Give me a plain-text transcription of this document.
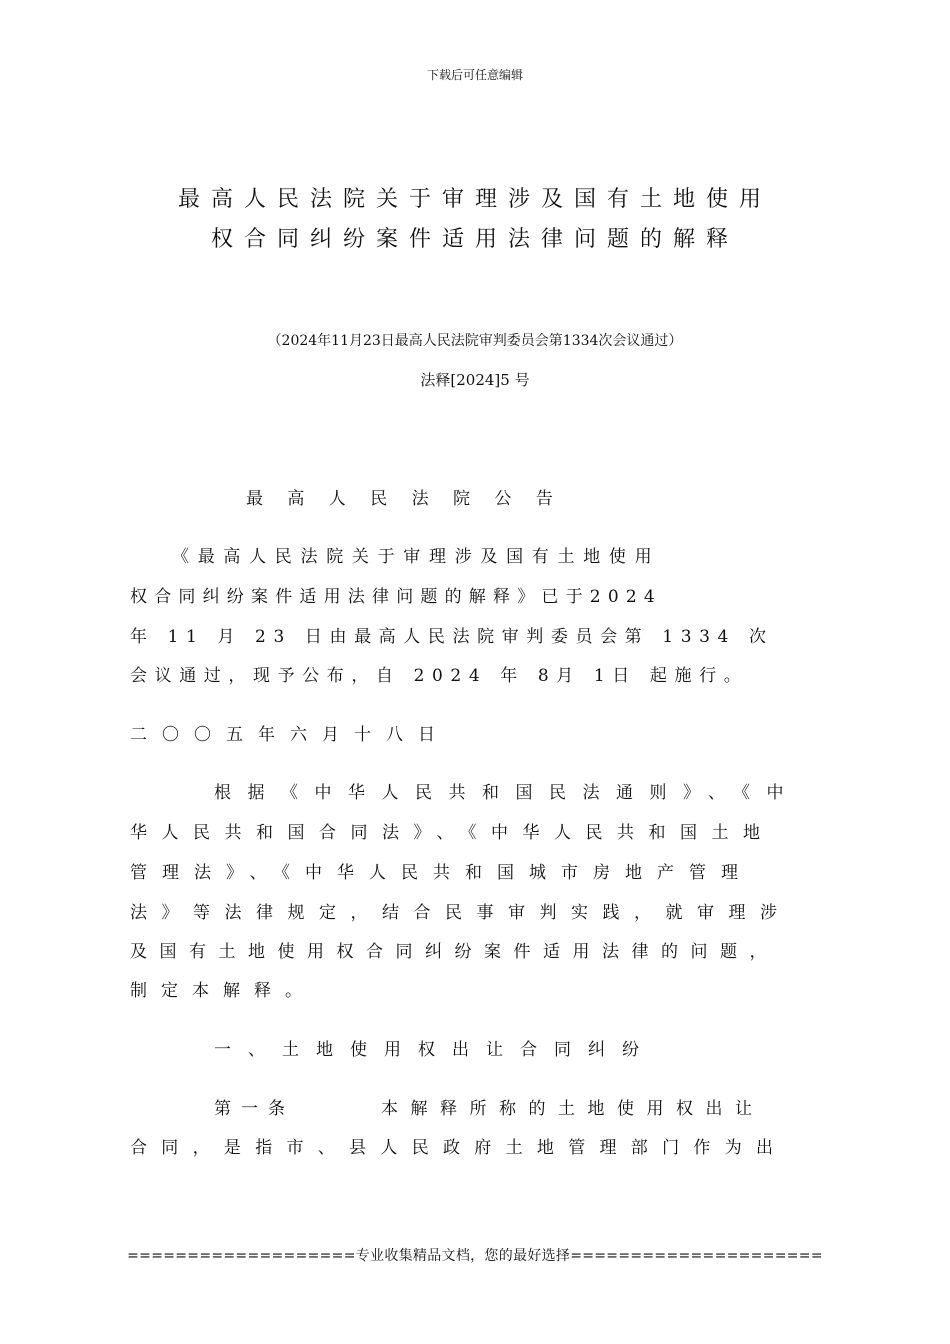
下载后可任意编辑
最高人民法院关于审理涉及国有土地使用
权合同纠纷案件适用法律问题的解释
（2024年11月23日最高人民法院审判委员会第1334次会议通过）
法释[2024]5 号
最 高 人 民 法 院 公 告
《最高人民法院关于审理涉及国有土地使用
权合同纠纷案件适用法律问题的解释》已于2024
年 11 月 23 日由最高人民法院审判委员会第 1334 次
会议通过，现予公布，自 2024 年 8月 1日 起施行。
二〇〇五年六月十八日
根据《中华人民共和国民法通则》、《中
华人民共和国合同法》、《中华人民共和国土地
管理法》、《中华人民共和国城市房地产管理
法》等法律规定，结合民事审判实践，就审理涉
及国有土地使用权合同纠纷案件适用法律的问题，
制定本解释。
一、土地使用权出让合同纠纷
第一条	本解释所称的土地使用权出让
合同，是指市、县人民政府土地管理部门作为出
===================专业收集精品文档，您的最好选择=====================
